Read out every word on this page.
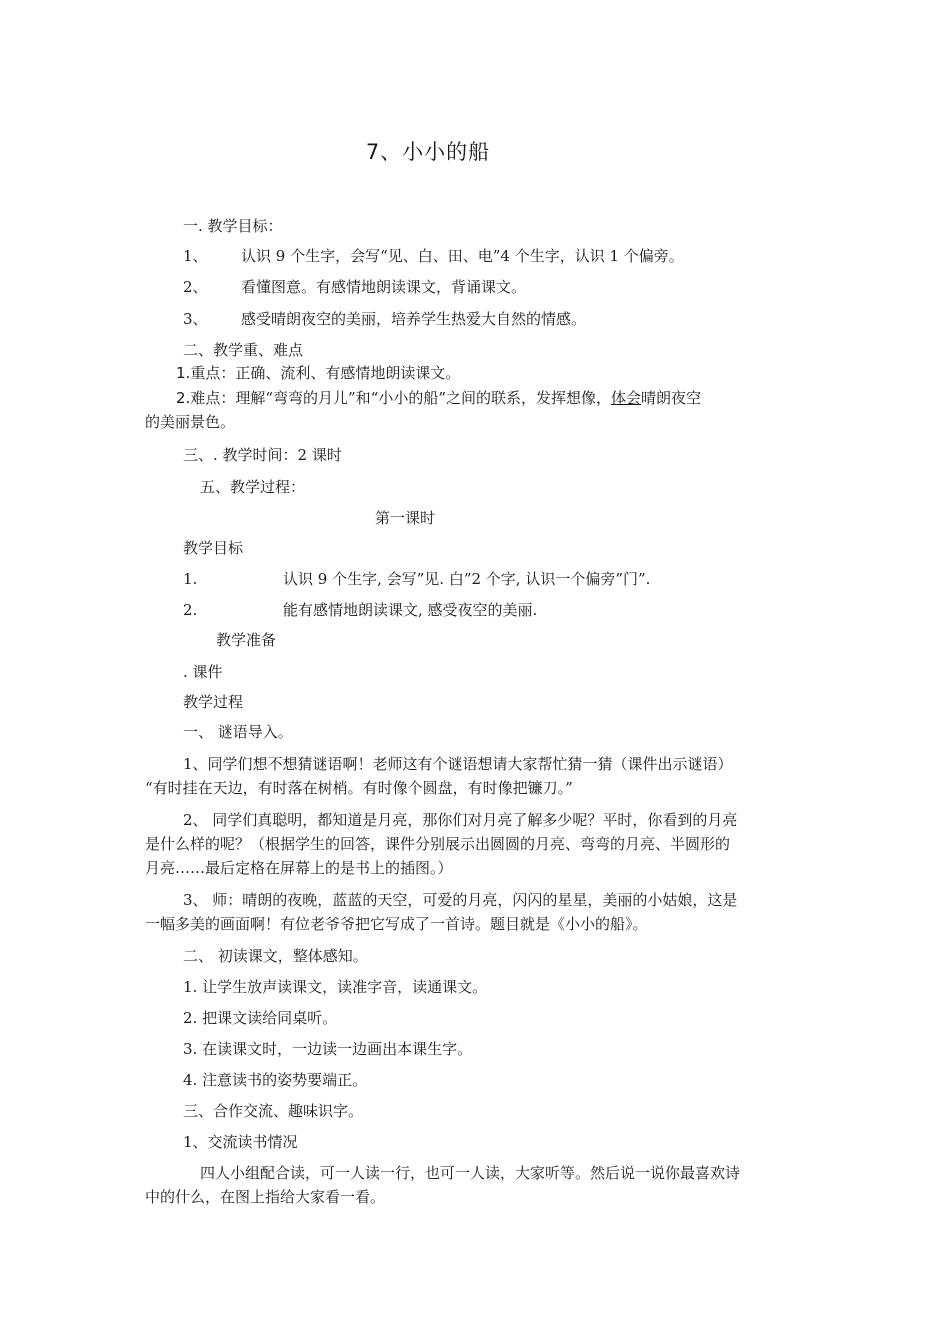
7、小小的船
一. 教学目标：
1、 认识 9 个生字，会写“见、白、田、电”4 个生字，认识 1 个偏旁。
2、 看懂图意。有感情地朗读课文，背诵课文。
3、 感受晴朗夜空的美丽，培养学生热爱大自然的情感。
二、教学重、难点
1.重点：正确、流利、有感情地朗读课文。
2.难点：理解“弯弯的月儿”和“小小的船”之间的联系，发挥想像，体会晴朗夜空
的美丽景色。
三、. 教学时间：2 课时
五、教学过程：
第一课时
教学目标
1.	认识 9 个生字, 会写”见. 白”2 个字, 认识一个偏旁”门”.
2.	能有感情地朗读课文, 感受夜空的美丽.
教学准备
. 课件
教学过程
一、 谜语导入。
1、同学们想不想猜谜语啊！老师这有个谜语想请大家帮忙猜一猜（课件出示谜语）
“有时挂在天边，有时落在树梢。有时像个圆盘，有时像把镰刀。”
2、 同学们真聪明，都知道是月亮，那你们对月亮了解多少呢？平时，你看到的月亮
是什么样的呢？（根据学生的回答，课件分别展示出圆圆的月亮、弯弯的月亮、半圆形的
月亮……最后定格在屏幕上的是书上的插图。）
3、 师：晴朗的夜晚，蓝蓝的天空，可爱的月亮，闪闪的星星，美丽的小姑娘，这是
一幅多美的画面啊！有位老爷爷把它写成了一首诗。题目就是《小小的船》。
二、 初读课文，整体感知。
1. 让学生放声读课文，读准字音，读通课文。
2. 把课文读给同桌听。
3. 在读课文时，一边读一边画出本课生字。
4. 注意读书的姿势要端正。
三、合作交流、趣味识字。
1、交流读书情况
四人小组配合读，可一人读一行，也可一人读，大家听等。然后说一说你最喜欢诗
中的什么，在图上指给大家看一看。
